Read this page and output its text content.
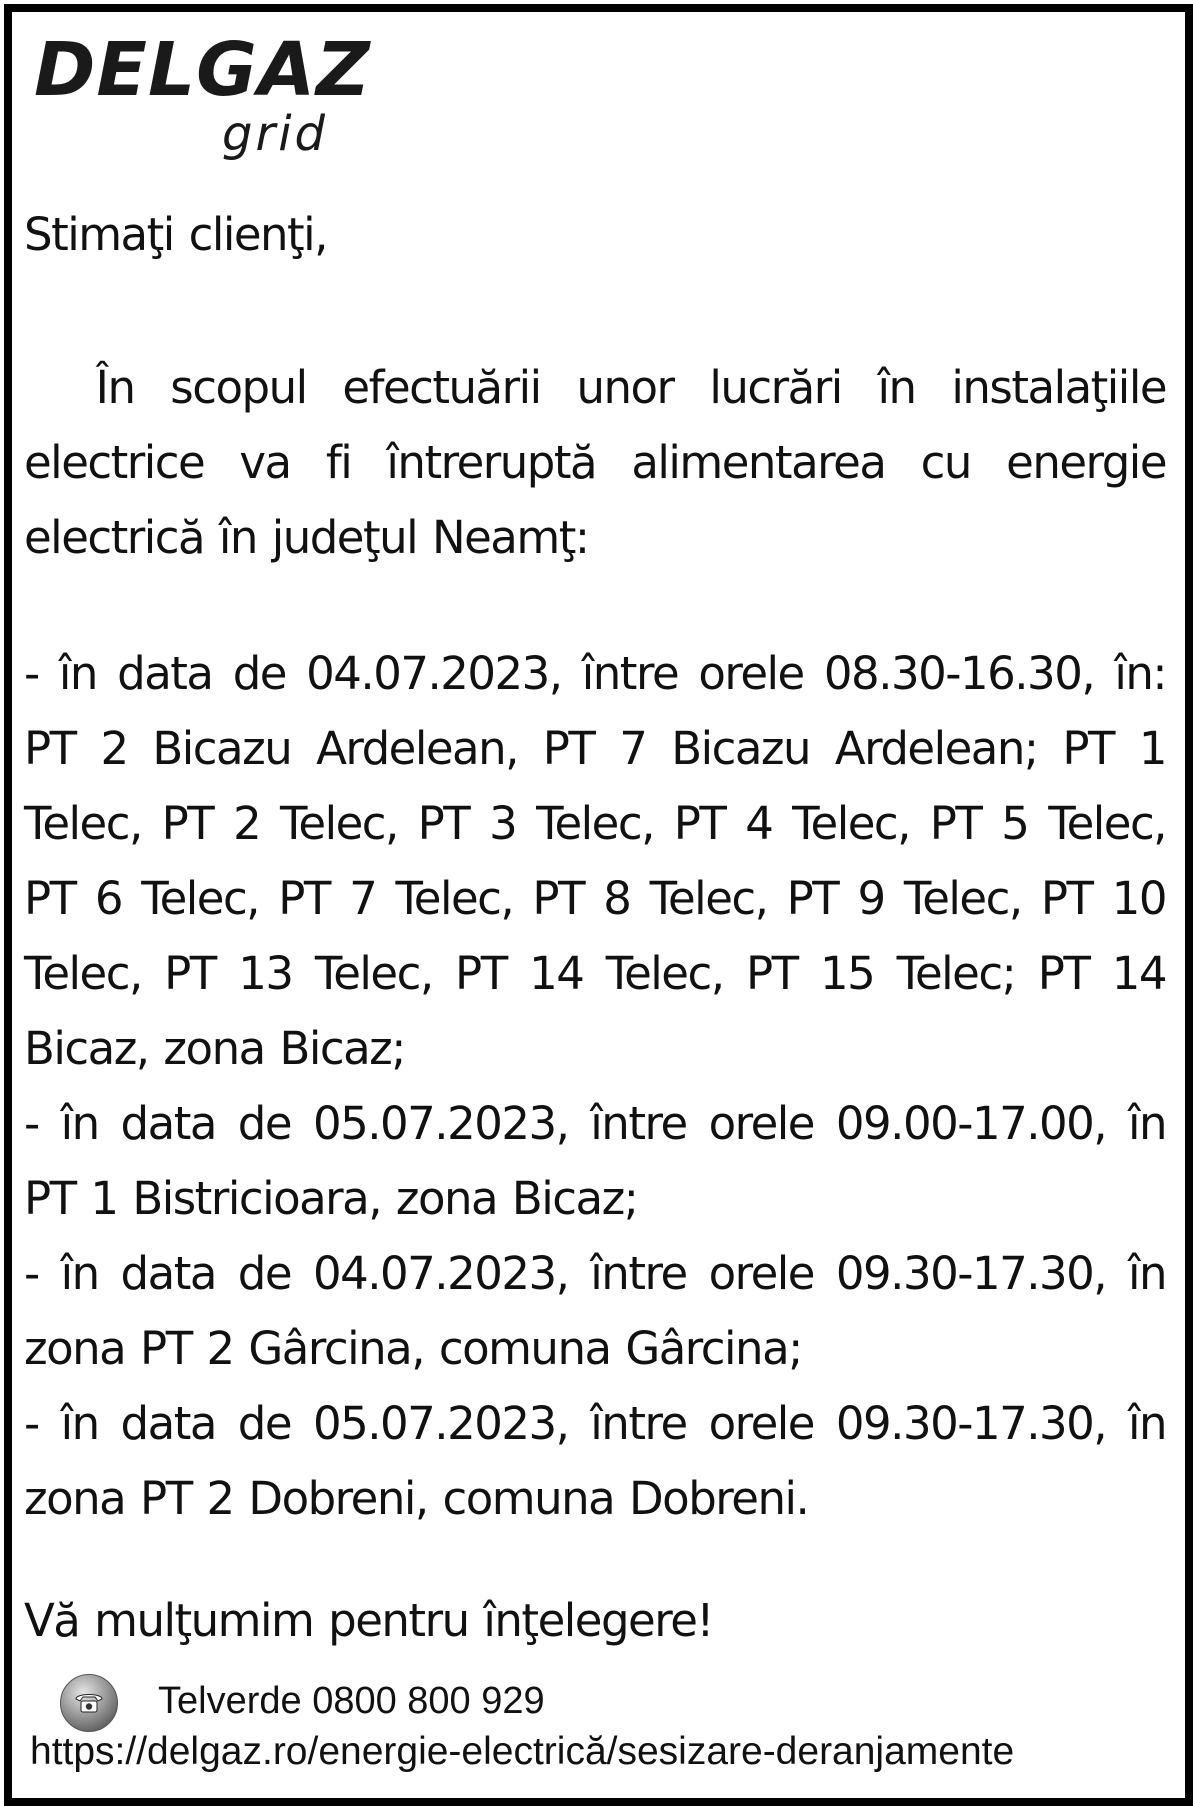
DELGAZ
grid
Stimaţi clienţi,
În scopul efectuării unor lucrări în instalaţiile electrice va fi întreruptă alimentarea cu energie electrică în judeţul Neamţ:

- în data de 04.07.2023, între orele 08.30-16.30, în: PT 2 Bicazu Ardelean, PT 7 Bicazu Ardelean; PT 1 Telec, PT 2 Telec, PT 3 Telec, PT 4 Telec, PT 5 Telec, PT 6 Telec, PT 7 Telec, PT 8 Telec, PT 9 Telec, PT 10 Telec, PT 13 Telec, PT 14 Telec, PT 15 Telec; PT 14 Bicaz, zona Bicaz;

- în data de 05.07.2023, între orele 09.00-17.00, în PT 1 Bistricioara, zona Bicaz;

- în data de 04.07.2023, între orele 09.30-17.30, în zona PT 2 Gârcina, comuna Gârcina;

- în data de 05.07.2023, între orele 09.30-17.30, în zona PT 2 Dobreni, comuna Dobreni.

Vă mulţumim pentru înţelegere!
Telverde 0800 800 929
https://delgaz.ro/energie-electrică/sesizare-deranjamente
